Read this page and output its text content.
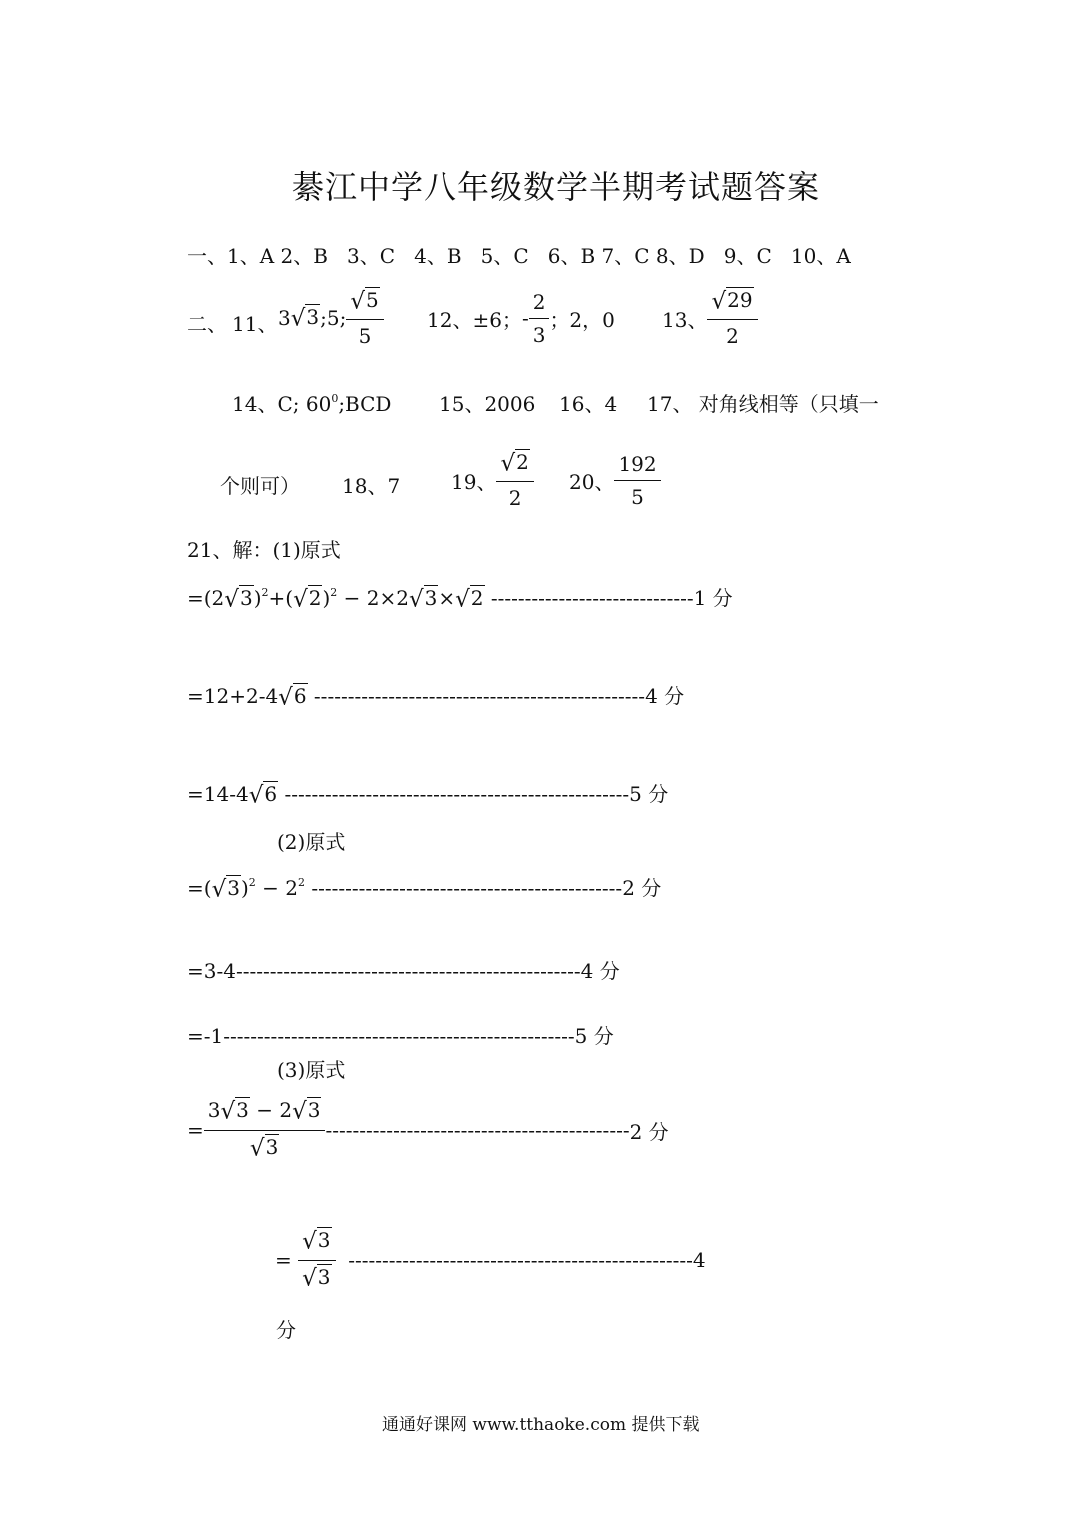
綦江中学八年级数学半期考试题答案
一、1、A 2、B 3、C 4、B 5、C 6、B 7、C 8、D 9、C 10、A
二、 11、 3 √3 ;5; $\frac{√5}{5} 12$、 ±6； - $\frac{2}{3}$ ；2，0 13、 $\frac{√29}{2}$
14、C; $60^0;BCD$ 15、2006 16、4 17、 对角线相等（只填一
个则可） 18、7	19、 $\frac{√2}{2} 20$、 $\frac{192}{5}$
21、解：(1)原式
$=(2√3)^2+(√2)^2 - 2\times 2√3\times√2$ ------------------------------1 分
=12+2-4√6 -------------------------------------------------4 分
=14-4√6 ---------------------------------------------------5 分
(2)原式
$=(√3)^2 - 2^2$ ----------------------------------------------2 分
=3-4---------------------------------------------------4 分
=-1----------------------------------------------------5 分
(3)原式
= $\frac{3√3 - 2√3}{√3}$ --------------------------------------------- 2 分
= $\frac{√3}{√3}$
--------------------------------------------------- 4
分
通通好课网 www.tthaoke.com 提供下载
